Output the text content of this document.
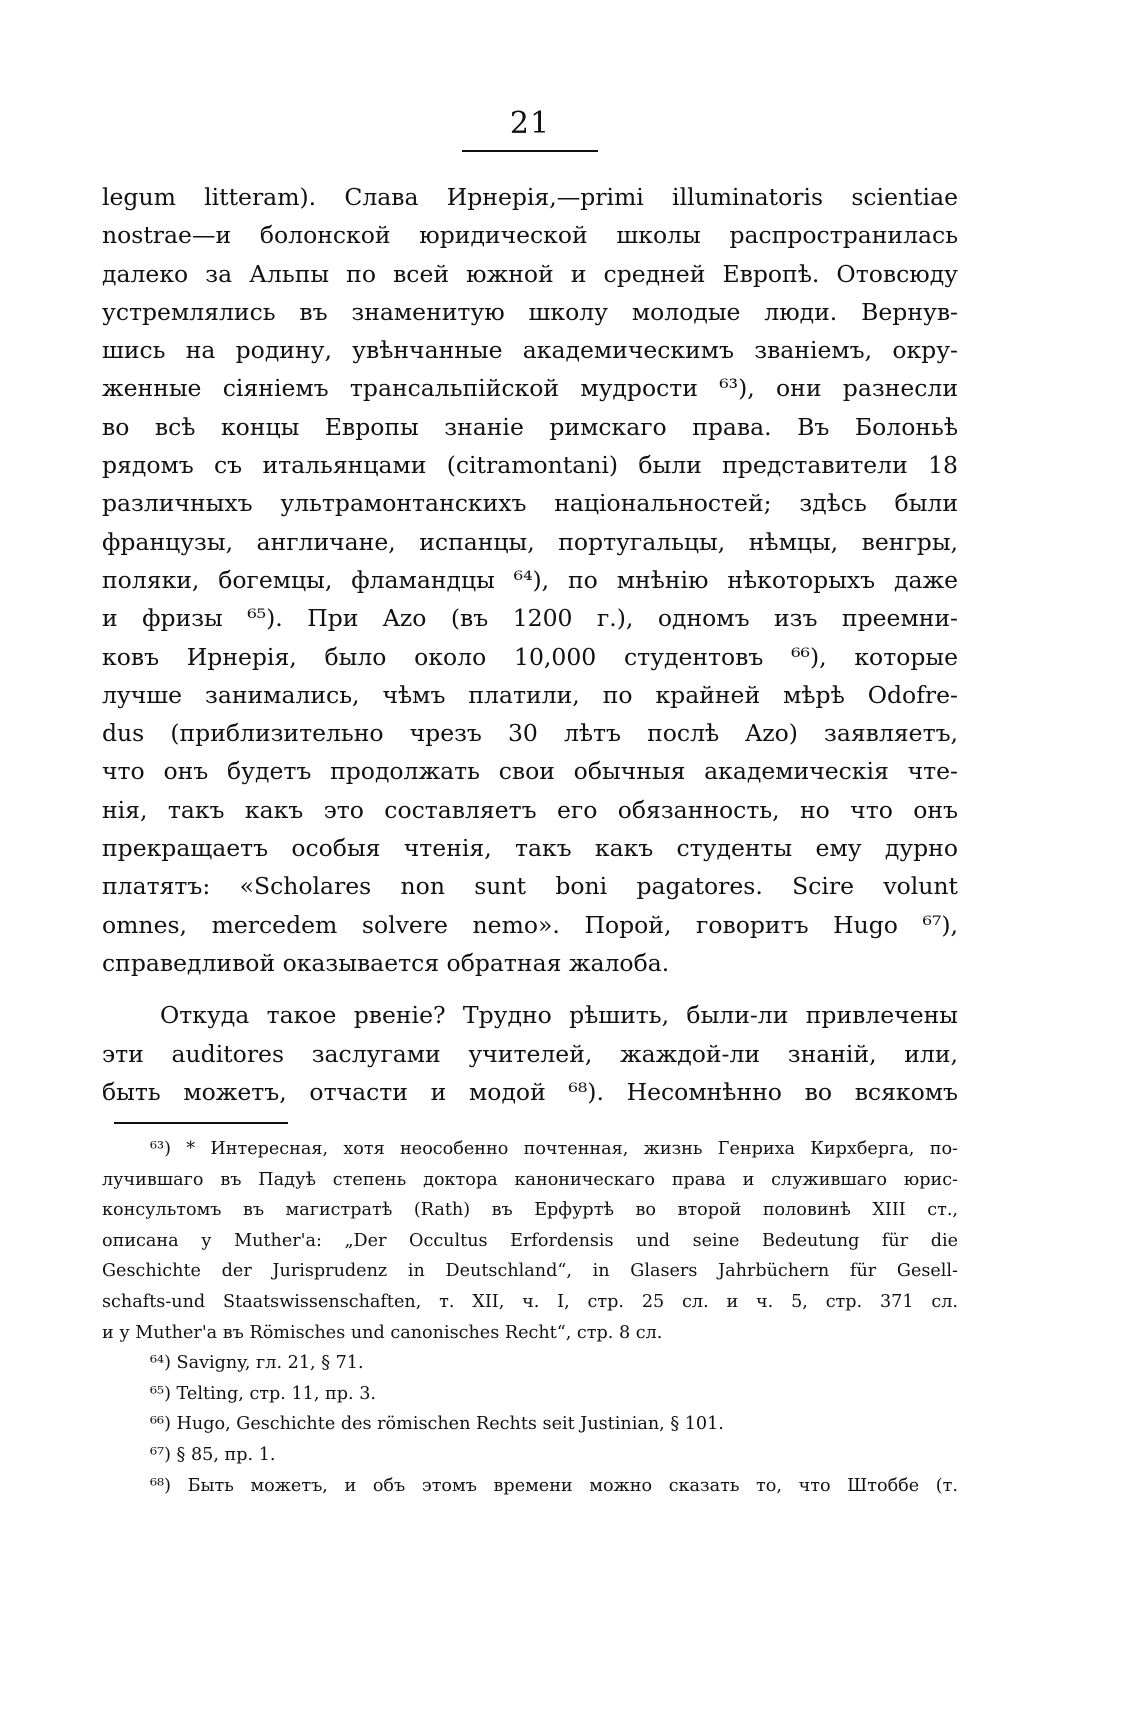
21
legum litteram). Слава Ирнерія,—primi illuminatoris scientiae
nostrae—и болонской юридической школы распространилась
далеко за Альпы по всей южной и средней Европѣ. Отовсюду
устремлялись въ знаменитую школу молодые люди. Вернув-
шись на родину, увѣнчанные академическимъ званіемъ, окру-
женные сіяніемъ трансальпійской мудрости ⁶³), они разнесли
во всѣ концы Европы знаніе римскаго права. Въ Болоньѣ
рядомъ съ итальянцами (citramontani) были представители 18
различныхъ ультрамонтанскихъ національностей; здѣсь были
французы, англичане, испанцы, португальцы, нѣмцы, венгры,
поляки, богемцы, фламандцы ⁶⁴), по мнѣнію нѣкоторыхъ даже
и фризы ⁶⁵). При Azo (въ 1200 г.), одномъ изъ преемни-
ковъ Ирнерія, было около 10,000 студентовъ ⁶⁶), которые
лучше занимались, чѣмъ платили, по крайней мѣрѣ Odofre-
dus (приблизительно чрезъ 30 лѣтъ послѣ Azo) заявляетъ,
что онъ будетъ продолжать свои обычныя академическія чте-
нія, такъ какъ это составляетъ его обязанность, но что онъ
прекращаетъ особыя чтенія, такъ какъ студенты ему дурно
платятъ: «Scholares non sunt boni pagatores. Scire volunt
omnes, mercedem solvere nemo». Порой, говоритъ Hugo ⁶⁷),
справедливой оказывается обратная жалоба.
Откуда такое рвеніе? Трудно рѣшить, были-ли привлечены
эти auditores заслугами учителей, жаждой-ли знаній, или,
быть можетъ, отчасти и модой ⁶⁸). Несомнѣнно во всякомъ
⁶³) * Интересная, хотя неособенно почтенная, жизнь Генриха Кирхберга, по-
лучившаго въ Падуѣ степень доктора каноническаго права и служившаго юрис-
консультомъ въ магистратѣ (Rath) въ Ерфуртѣ во второй половинѣ XIII ст.,
описана у Muther'а: „Der Occultus Erfordensis und seine Bedeutung für die
Geschichte der Jurisprudenz in Deutschland“, in Glasers Jahrbüchern für Gesell-
schafts-und Staatswissenschaften, т. XII, ч. I, стр. 25 сл. и ч. 5, стр. 371 сл.
и у Muther'а въ Römisches und canonisches Recht“, стр. 8 сл.
⁶⁴) Savigny, гл. 21, § 71.
⁶⁵) Telting, стр. 11, пр. 3.
⁶⁶) Hugo, Geschichte des römischen Rechts seit Justinian, § 101.
⁶⁷) § 85, пр. 1.
⁶⁸) Быть можетъ, и объ этомъ времени можно сказать то, что Штоббе (т.
